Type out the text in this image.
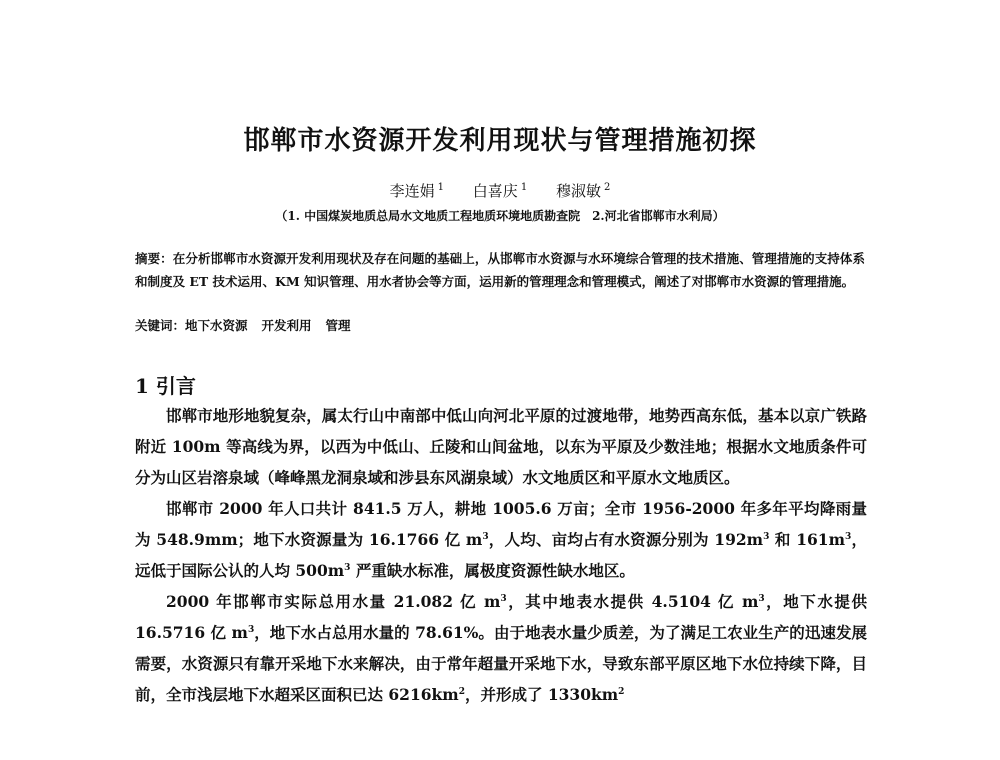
邯郸市水资源开发利用现状与管理措施初探
李连娟 $^1$ 白喜庆 $^1$ 穆淑敏 $^2$
（1. 中国煤炭地质总局水文地质工程地质环境地质勘查院　2.河北省邯郸市水利局）
摘要：在分析邯郸市水资源开发利用现状及存在问题的基础上，从邯郸市水资源与水环境综合管理的技术措施、管理措施的支持体系和制度及 ET 技术运用、KM 知识管理、用水者协会等方面，运用新的管理理念和管理模式，阐述了对邯郸市水资源的管理措施。
关键词：地下水资源 开发利用 管理
1 引言

邯郸市地形地貌复杂，属太行山中南部中低山向河北平原的过渡地带，地势西高东低，基本以京广铁路附近 100m 等高线为界，以西为中低山、丘陵和山间盆地，以东为平原及少数洼地；根据水文地质条件可分为山区岩溶泉域（峰峰黑龙洞泉域和涉县东风湖泉域）水文地质区和平原水文地质区。

邯郸市 2000 年人口共计 841.5 万人，耕地 1005.6 万亩；全市 1956-2000 年多年平均降雨量为 548.9mm；地下水资源量为 16.1766 亿 $m^3$，人均、亩均占有水资源分别为 $192m^3$ 和 $161m^3$，远低于国际公认的人均 $500m^3$ 严重缺水标准，属极度资源性缺水地区。

2000 年邯郸市实际总用水量 21.082 亿 $m^3$，其中地表水提供 4.5104 亿 $m^3$，地下水提供 16.5716 亿 $m^3$，地下水占总用水量的 78.61%。由于地表水量少质差，为了满足工农业生产的迅速发展需要，水资源只有靠开采地下水来解决，由于常年超量开采地下水，导致东部平原区地下水位持续下降，目前，全市浅层地下水超采区面积已达 $6216km^2$，并形成了 $1330km^2$
